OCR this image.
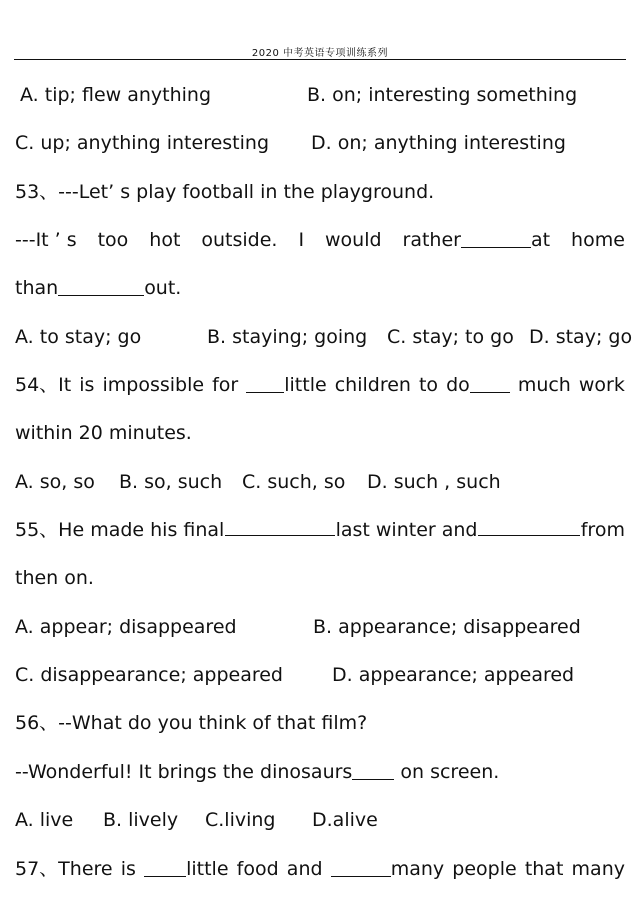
2020 中考英语专项训练系列
A. tip; flew anything	B. on; interesting something
C. up; anything interesting D. on; anything interesting
53、---Let’ s play football in the playground.
---It ’ s too hot outside. I would rather	at home
than	out.
A. to stay; go	B. staying; going C. stay; to go D. stay; go
54、It is impossible for	little children to do	much work
within 20 minutes.
A. so, so B. so, such C. such, so D. such , such
55、He made his final	last winter and	from
then on.
A. appear; disappeared	B. appearance; disappeared
C. disappearance; appeared	D. appearance; appeared
56、--What do you think of that film?
--Wonderful! It brings the dinosaurs	on screen.
A. live B. lively C.living D.alive
57、There is	little food and	many people that many
